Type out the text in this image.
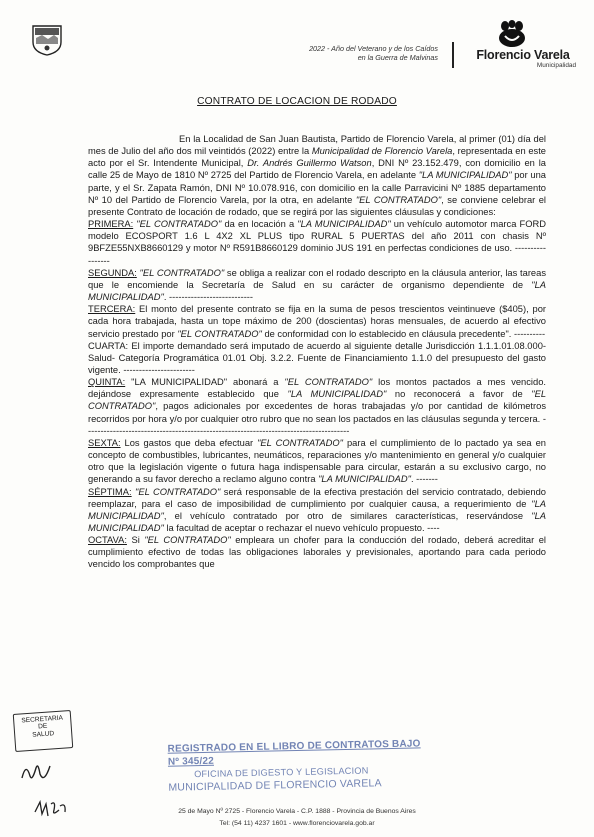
2022 - Año del Veterano y de los Caídos
en la Guerra de Malvinas	Florencio Varela
Municipalidad
CONTRATO DE LOCACION DE RODADO

En la Localidad de San Juan Bautista, Partido de Florencio Varela, al primer (01) día del mes de Julio del año dos mil veintidós (2022) entre la Municipalidad de Florencio Varela, representada en este acto por el Sr. Intendente Municipal, Dr. Andrés Guillermo Watson, DNI Nº 23.152.479, con domicilio en la calle 25 de Mayo de 1810 Nº 2725 del Partido de Florencio Varela, en adelante "LA MUNICIPALIDAD" por una parte, y el Sr. Zapata Ramón, DNI Nº 10.078.916, con domicilio en la calle Parravicini Nº 1885 departamento Nº 10 del Partido de Florencio Varela, por la otra, en adelante "EL CONTRATADO", se conviene celebrar el presente Contrato de locación de rodado, que se regirá por las siguientes cláusulas y condiciones:

PRIMERA: "EL CONTRATADO" da en locación a "LA MUNICIPALIDAD" un vehículo automotor marca FORD modelo ECOSPORT 1.6 L 4X2 XL PLUS tipo RURAL 5 PUERTAS del año 2011 con chasis Nº 9BFZE55NXB8660129 y motor Nº R591B8660129 dominio JUS 191 en perfectas condiciones de uso. -----------------

SEGUNDA: "EL CONTRATADO" se obliga a realizar con el rodado descripto en la cláusula anterior, las tareas que le encomiende la Secretaría de Salud en su carácter de organismo dependiente de "LA MUNICIPALIDAD". ---------------------------

TERCERA: El monto del presente contrato se fija en la suma de pesos trescientos veintinueve ($405), por cada hora trabajada, hasta un tope máximo de 200 (doscientas) horas mensuales, de acuerdo al efectivo servicio prestado por "EL CONTRATADO" de conformidad con lo establecido en cláusula precedente". ----------

CUARTA: El importe demandado será imputado de acuerdo al siguiente detalle Jurisdicción 1.1.1.01.08.000-Salud- Categoría Programática 01.01 Obj. 3.2.2. Fuente de Financiamiento 1.1.0 del presupuesto del gasto vigente. -----------------------

QUINTA: "LA MUNICIPALIDAD" abonará a "EL CONTRATADO" los montos pactados a mes vencido. dejándose expresamente establecido que "LA MUNICIPALIDAD" no reconocerá a favor de "EL CONTRATADO", pagos adicionales por excedentes de horas trabajadas y/o por cantidad de kilómetros recorridos por hora y/o por cualquier otro rubro que no sean los pactados en las cláusulas segunda y tercera. -------------------------------------------------------------------------------------

SEXTA: Los gastos que deba efectuar "EL CONTRATADO" para el cumplimiento de lo pactado ya sea en concepto de combustibles, lubricantes, neumáticos, reparaciones y/o mantenimiento en general y/o cualquier otro que la legislación vigente o futura haga indispensable para circular, estarán a su exclusivo cargo, no generando a su favor derecho a reclamo alguno contra "LA MUNICIPALIDAD". -------

SÉPTIMA: "EL CONTRATADO" será responsable de la efectiva prestación del servicio contratado, debiendo reemplazar, para el caso de imposibilidad de cumplimiento por cualquier causa, a requerimiento de "LA MUNICIPALIDAD", el vehículo contratado por otro de similares características, reservándose "LA MUNICIPALIDAD" la facultad de aceptar o rechazar el nuevo vehículo propuesto. ----

OCTAVA: Si "EL CONTRATADO" empleara un chofer para la conducción del rodado, deberá acreditar el cumplimiento efectivo de todas las obligaciones laborales y previsionales, aportando para cada periodo vencido los comprobantes que

SECRETARIA
DE
SALUD
REGISTRADO EN EL LIBRO DE CONTRATOS BAJO Nº 345/22
OFICINA DE DIGESTO Y LEGISLACION
MUNICIPALIDAD DE FLORENCIO VARELA
25 de Mayo Nº 2725 - Florencio Varela - C.P. 1888 - Provincia de Buenos Aires
Tel: (54 11) 4237 1601 - www.florenciovarela.gob.ar
